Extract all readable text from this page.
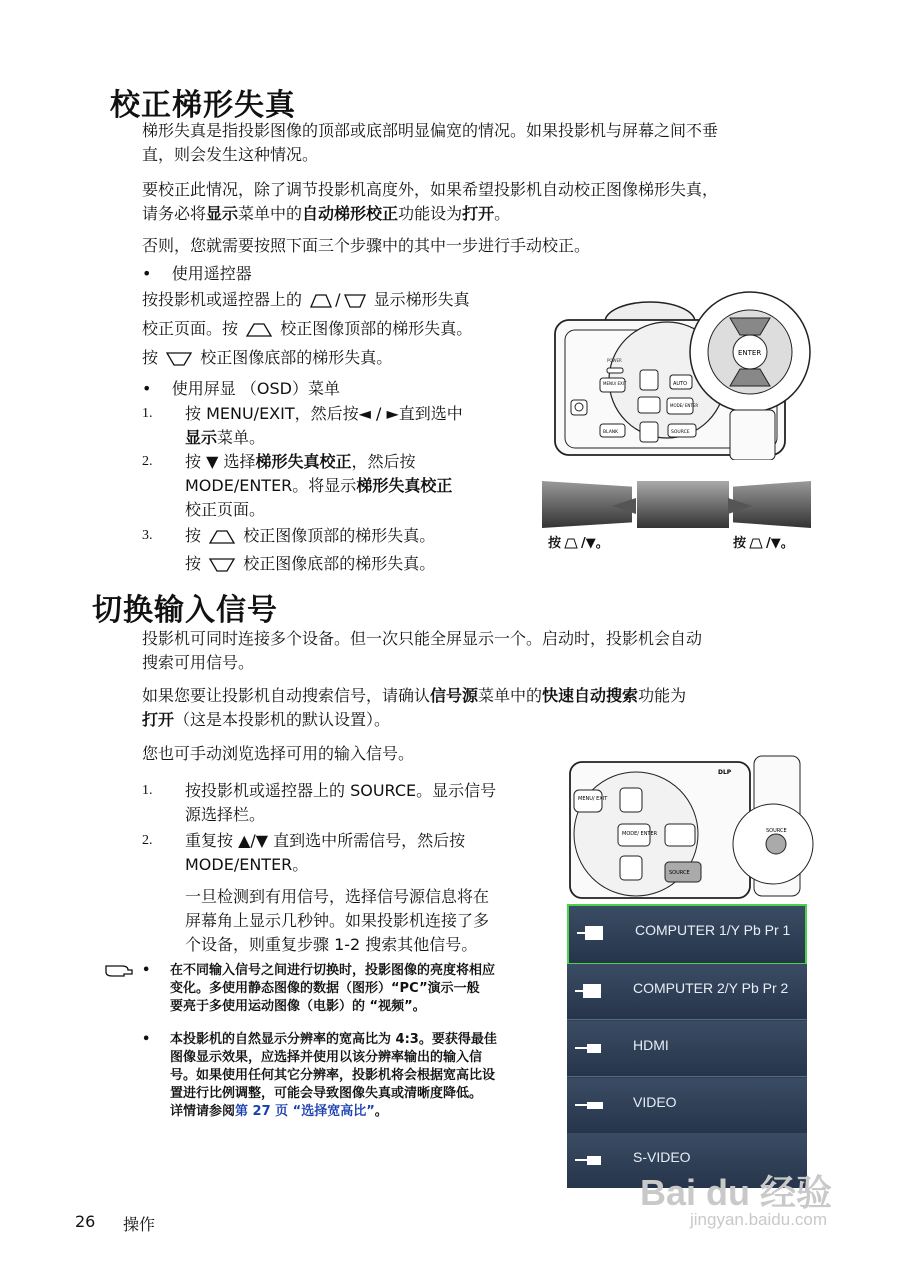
校正梯形失真
梯形失真是指投影图像的顶部或底部明显偏宽的情况。如果投影机与屏幕之间不垂
直，则会发生这种情况。
要校正此情况，除了调节投影机高度外，如果希望投影机自动校正图像梯形失真，
请务必将显示菜单中的自动梯形校正功能设为打开。
否则，您就需要按照下面三个步骤中的其中一步进行手动校正。
•    使用遥控器
按投影机或遥控器上的 / 显示梯形失真
校正页面。按	校正图像顶部的梯形失真。
按	校正图像底部的梯形失真。
•    使用屏显 （OSD）菜单
1. 按 MENU/EXIT，然后按◄ / ►直到选中
显示菜单。
2. 按 ▼ 选择梯形失真校正，然后按
MODE/ENTER。将显示梯形失真校正
校正页面。
3. 按	校正图像顶部的梯形失真。
按	校正图像底部的梯形失真。
POWER
MENU/ EXIT
MODE/ ENTER
BLANK	SOURCE
AUTO
ENTER
按 /▼。	按 /▼。
切换输入信号
投影机可同时连接多个设备。但一次只能全屏显示一个。启动时，投影机会自动
搜索可用信号。
如果您要让投影机自动搜索信号，请确认信号源菜单中的快速自动搜索功能为
打开（这是本投影机的默认设置）。
您也可手动浏览选择可用的输入信号。
1. 按投影机或遥控器上的 SOURCE。显示信号
源选择栏。
2. 重复按 ▲/▼ 直到选中所需信号，然后按
MODE/ENTER。
一旦检测到有用信号，选择信号源信息将在
屏幕角上显示几秒钟。如果投影机连接了多
个设备，则重复步骤 1-2 搜索其他信号。
• 在不同输入信号之间进行切换时，投影图像的亮度将相应
变化。多使用静态图像的数据（图形）“PC”演示一般
要亮于多使用运动图像（电影）的 “视频”。
• 本投影机的自然显示分辨率的宽高比为 4:3。要获得最佳
图像显示效果，应选择并使用以该分辨率输出的输入信
号。如果使用任何其它分辨率，投影机将会根据宽高比设
置进行比例调整，可能会导致图像失真或清晰度降低。
详情请参阅第 27 页 “选择宽高比”。
MENU/ EXIT
MODE/ ENTER
SOURCE
DLP
SOURCE
COMPUTER 1/Y Pb Pr 1
COMPUTER 2/Y Pb Pr 2
HDMI
VIDEO
S-VIDEO
26 操作
Bai du 经验
jingyan.baidu.com
